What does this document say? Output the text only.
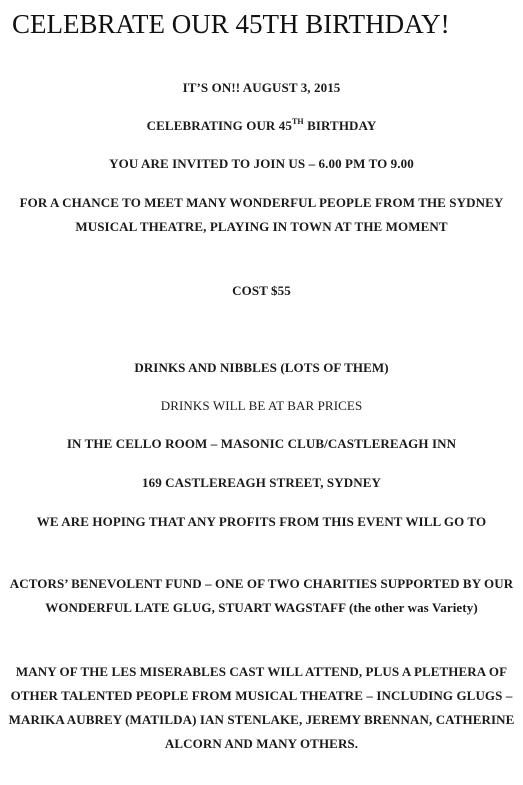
CELEBRATE OUR 45TH BIRTHDAY!

IT’S ON!! AUGUST 3, 2015

CELEBRATING OUR 45TH BIRTHDAY

YOU ARE INVITED TO JOIN US – 6.00 PM TO 9.00

FOR A CHANCE TO MEET MANY WONDERFUL PEOPLE FROM THE SYDNEY MUSICAL THEATRE, PLAYING IN TOWN AT THE MOMENT

COST $55

DRINKS AND NIBBLES (LOTS OF THEM)

DRINKS WILL BE AT BAR PRICES

IN THE CELLO ROOM – MASONIC CLUB/CASTLEREAGH INN

169 CASTLEREAGH STREET, SYDNEY

WE ARE HOPING THAT ANY PROFITS FROM THIS EVENT WILL GO TO

ACTORS’ BENEVOLENT FUND – ONE OF TWO CHARITIES SUPPORTED BY OUR WONDERFUL LATE GLUG, STUART WAGSTAFF (the other was Variety)

MANY OF THE LES MISERABLES CAST WILL ATTEND, PLUS A PLETHERA OF OTHER TALENTED PEOPLE FROM MUSICAL THEATRE – INCLUDING GLUGS – MARIKA AUBREY (MATILDA) IAN STENLAKE, JEREMY BRENNAN, CATHERINE ALCORN AND MANY OTHERS.
